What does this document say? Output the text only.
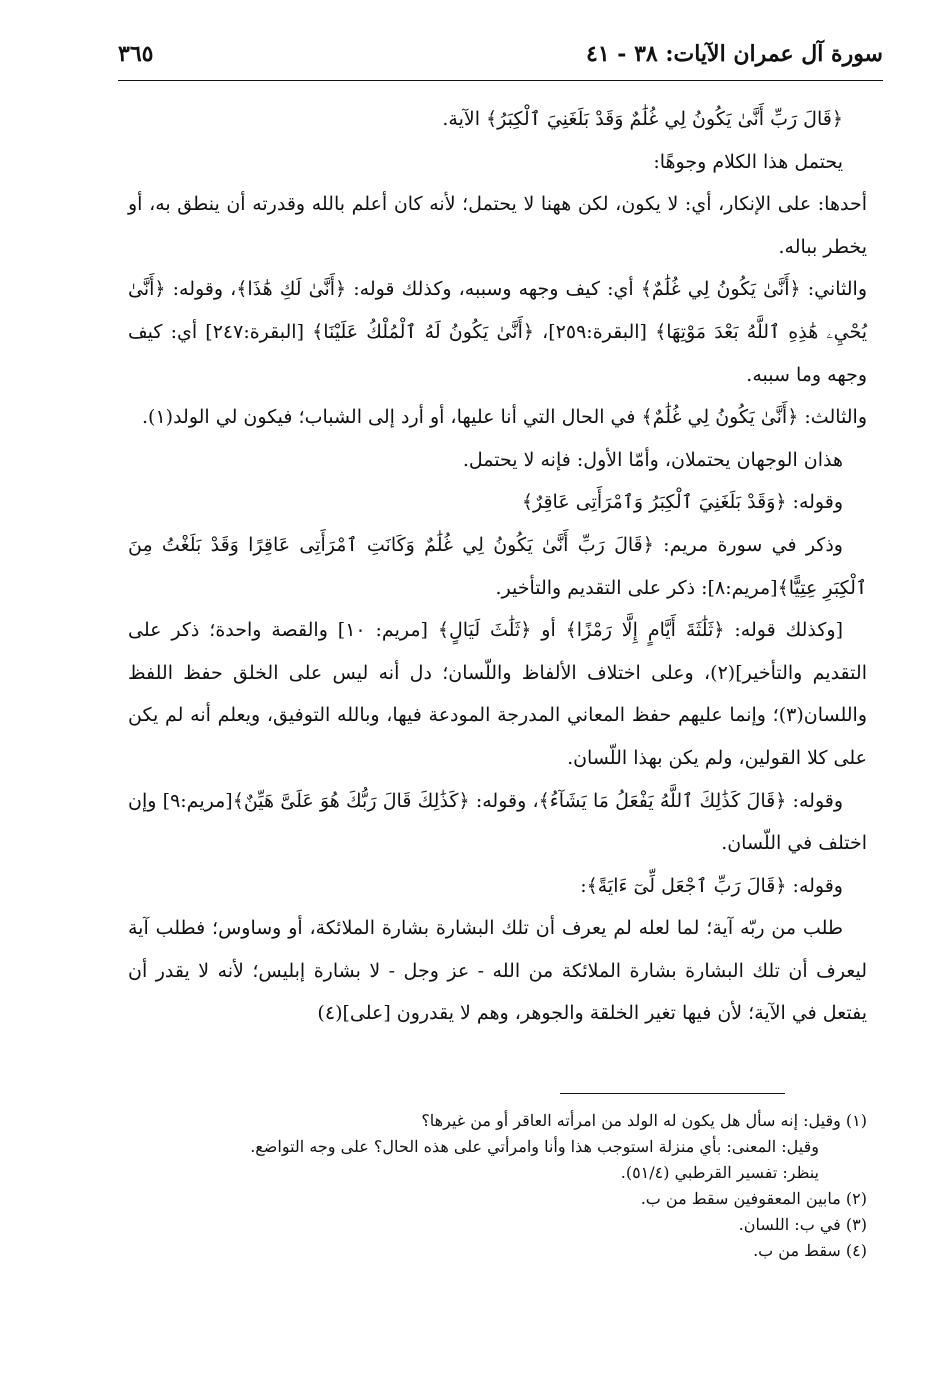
سورة آل عمران الآيات: ٣٨ - ٤١
٣٦٥

﴿قَالَ رَبِّ أَنَّىٰ يَكُونُ لِي غُلَٰمٌ وَقَدْ بَلَغَنِيَ ٱلْكِبَرُ﴾ الآية.

يحتمل هذا الكلام وجوهًا:

أحدها: على الإنكار، أي: لا يكون، لكن ههنا لا يحتمل؛ لأنه كان أعلم بالله وقدرته أن ينطق به، أو يخطر بباله.

والثاني: ﴿أَنَّىٰ يَكُونُ لِي غُلَٰمٌ﴾ أي: كيف وجهه وسببه، وكذلك قوله: ﴿أَنَّىٰ لَكِ هَٰذَا﴾، وقوله: ﴿أَنَّىٰ يُحْيِۦ هَٰذِهِ ٱللَّهُ بَعْدَ مَوْتِهَا﴾ [البقرة:٢٥٩]، ﴿أَنَّىٰ يَكُونُ لَهُ ٱلْمُلْكُ عَلَيْنَا﴾ [البقرة:٢٤٧] أي: كيف وجهه وما سببه.

والثالث: ﴿أَنَّىٰ يَكُونُ لِي غُلَٰمٌ﴾ في الحال التي أنا عليها، أو أرد إلى الشباب؛ فيكون لي الولد(١).

هذان الوجهان يحتملان، وأمّا الأول: فإنه لا يحتمل.

وقوله: ﴿وَقَدْ بَلَغَنِيَ ٱلْكِبَرُ وَٱمْرَأَتِى عَاقِرٌ﴾

وذكر في سورة مريم: ﴿قَالَ رَبِّ أَنَّىٰ يَكُونُ لِي غُلَٰمٌ وَكَانَتِ ٱمْرَأَتِى عَاقِرًا وَقَدْ بَلَغْتُ مِنَ ٱلْكِبَرِ عِتِيًّا﴾[مريم:٨]: ذكر على التقديم والتأخير.

[وكذلك قوله: ﴿ثَلَٰثَةَ أَيَّامٍ إِلَّا رَمْزًا﴾ أو ﴿ثَلَٰثَ لَيَالٍ﴾ [مريم: ١٠] والقصة واحدة؛ ذكر على التقديم والتأخير](٢)، وعلى اختلاف الألفاظ واللّسان؛ دل أنه ليس على الخلق حفظ اللفظ واللسان(٣)؛ وإنما عليهم حفظ المعاني المدرجة المودعة فيها، وبالله التوفيق، ويعلم أنه لم يكن على كلا القولين، ولم يكن بهذا اللّسان.

وقوله: ﴿قَالَ كَذَٰلِكَ ٱللَّهُ يَفْعَلُ مَا يَشَآءُ﴾، وقوله: ﴿كَذَٰلِكَ قَالَ رَبُّكَ هُوَ عَلَىَّ هَيِّنٌ﴾[مريم:٩] وإن اختلف في اللّسان.

وقوله: ﴿قَالَ رَبِّ ٱجْعَل لِّىٓ ءَايَةً﴾:

طلب من ربّه آية؛ لما لعله لم يعرف أن تلك البشارة بشارة الملائكة، أو وساوس؛ فطلب آية ليعرف أن تلك البشارة بشارة الملائكة من الله - عز وجل - لا بشارة إبليس؛ لأنه لا يقدر أن يفتعل في الآية؛ لأن فيها تغير الخلقة والجوهر، وهم لا يقدرون [على](٤)

(١) وقيل: إنه سأل هل يكون له الولد من امرأته العاقر أو من غيرها؟

وقيل: المعنى: بأي منزلة استوجب هذا وأنا وامرأتي على هذه الحال؟ على وجه التواضع.

ينظر: تفسير القرطبي (٥١/٤).

(٢) مابين المعقوفين سقط من ب.

(٣) في ب: اللسان.

(٤) سقط من ب.
